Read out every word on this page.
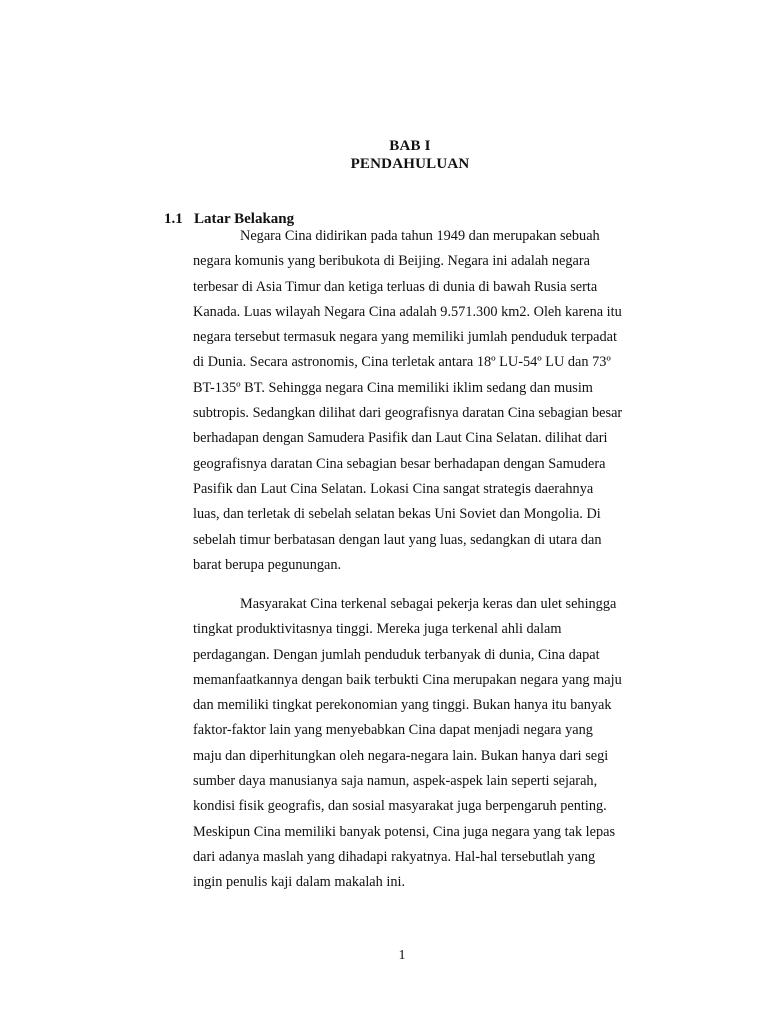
BAB I
PENDAHULUAN
1.1 Latar Belakang
Negara Cina didirikan pada tahun 1949 dan merupakan sebuah
negara komunis yang beribukota di Beijing. Negara ini adalah negara
terbesar di Asia Timur dan ketiga terluas di dunia di bawah Rusia serta
Kanada. Luas wilayah Negara Cina adalah 9.571.300 km2. Oleh karena itu
negara tersebut termasuk negara yang memiliki jumlah penduduk terpadat
di Dunia. Secara astronomis, Cina terletak antara 18º LU-54º LU dan 73º
BT-135º BT. Sehingga negara Cina memiliki iklim sedang dan musim
subtropis. Sedangkan dilihat dari geografisnya daratan Cina sebagian besar
berhadapan dengan Samudera Pasifik dan Laut Cina Selatan. dilihat dari
geografisnya daratan Cina sebagian besar berhadapan dengan Samudera
Pasifik dan Laut Cina Selatan. Lokasi Cina sangat strategis daerahnya
luas, dan terletak di sebelah selatan bekas Uni Soviet dan Mongolia. Di
sebelah timur berbatasan dengan laut yang luas, sedangkan di utara dan
barat berupa pegunungan.
Masyarakat Cina terkenal sebagai pekerja keras dan ulet sehingga
tingkat produktivitasnya tinggi. Mereka juga terkenal ahli dalam
perdagangan. Dengan jumlah penduduk terbanyak di dunia, Cina dapat
memanfaatkannya dengan baik terbukti Cina merupakan negara yang maju
dan memiliki tingkat perekonomian yang tinggi. Bukan hanya itu banyak
faktor-faktor lain yang menyebabkan Cina dapat menjadi negara yang
maju dan diperhitungkan oleh negara-negara lain. Bukan hanya dari segi
sumber daya manusianya saja namun, aspek-aspek lain seperti sejarah,
kondisi fisik geografis, dan sosial masyarakat juga berpengaruh penting.
Meskipun Cina memiliki banyak potensi, Cina juga negara yang tak lepas
dari adanya maslah yang dihadapi rakyatnya. Hal-hal tersebutlah yang
ingin penulis kaji dalam makalah ini.
1
